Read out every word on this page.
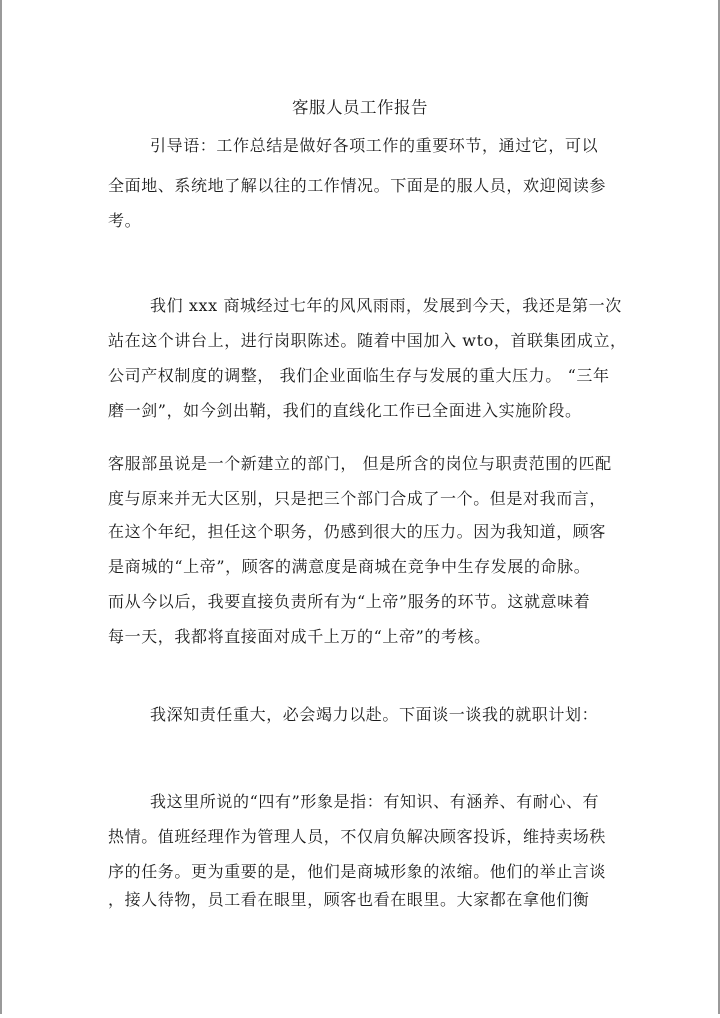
客服人员工作报告
引导语：工作总结是做好各项工作的重要环节，通过它，可以
全面地、系统地了解以往的工作情况。下面是的服人员，欢迎阅读参
考。
我们 xxx 商城经过七年的风风雨雨，发展到今天，我还是第一次
站在这个讲台上，进行岗职陈述。随着中国加入 wto，首联集团成立，
公司产权制度的调整， 我们企业面临生存与发展的重大压力。 “三年
磨一剑”，如今剑出鞘，我们的直线化工作已全面进入实施阶段。
客服部虽说是一个新建立的部门， 但是所含的岗位与职责范围的匹配
度与原来并无大区别，只是把三个部门合成了一个。但是对我而言，
在这个年纪，担任这个职务，仍感到很大的压力。因为我知道，顾客
是商城的“上帝”，顾客的满意度是商城在竞争中生存发展的命脉。
而从今以后，我要直接负责所有为“上帝”服务的环节。这就意味着
每一天，我都将直接面对成千上万的“上帝”的考核。
我深知责任重大，必会竭力以赴。下面谈一谈我的就职计划：
我这里所说的“四有”形象是指：有知识、有涵养、有耐心、有
热情。值班经理作为管理人员，不仅肩负解决顾客投诉，维持卖场秩
序的任务。更为重要的是，他们是商城形象的浓缩。他们的举止言谈
，接人待物，员工看在眼里，顾客也看在眼里。大家都在拿他们衡
